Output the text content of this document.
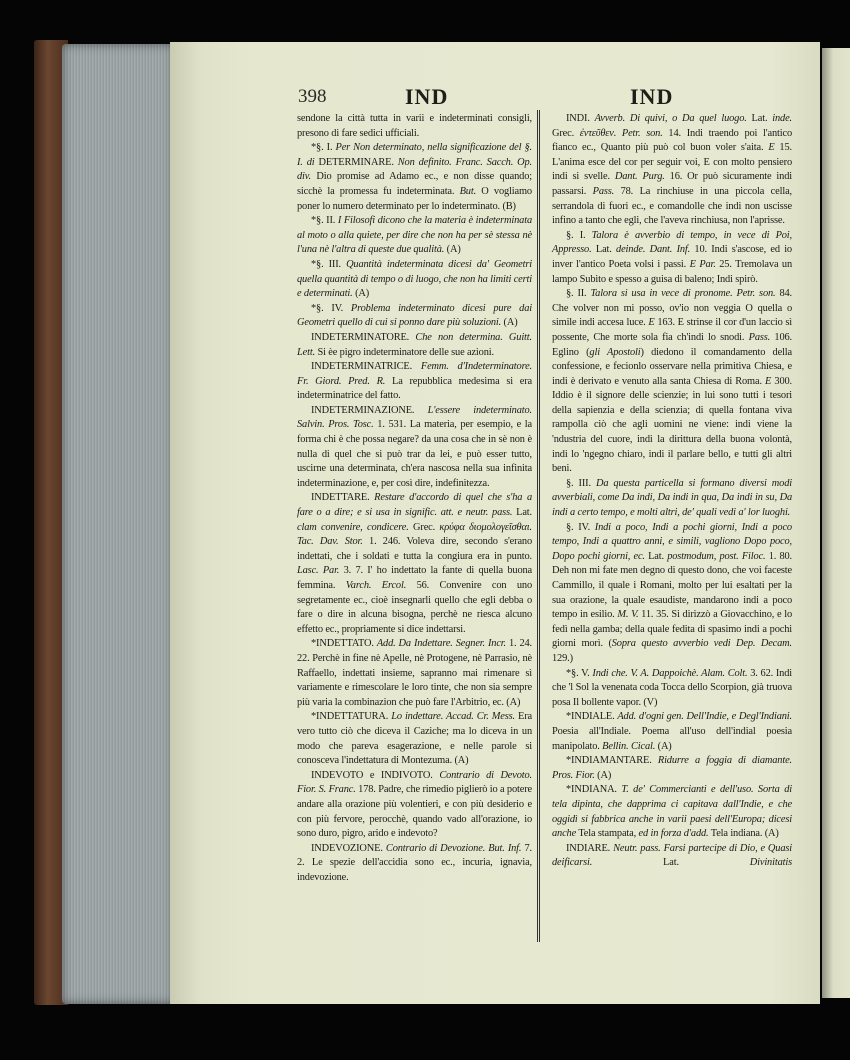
398	IND	IND

sendone la città tutta in varii e indeterminati consigli, presono di fare sedici ufficiali.

*§. I. Per Non determinato, nella significazione del §. I. di DETERMINARE. Non definito. Franc. Sacch. Op. div. Dio promise ad Adamo ec., e non disse quando; sicchè la promessa fu indeterminata. But. O vogliamo poner lo numero determinato per lo indeterminato. (B)

*§. II. I Filosofi dicono che la materia è indeterminata al moto o alla quiete, per dire che non ha per sè stessa nè l'una nè l'altra di queste due qualità. (A)

*§. III. Quantità indeterminata dicesi da' Geometri quella quantità di tempo o di luogo, che non ha limiti certi e determinati. (A)

*§. IV. Problema indeterminato dicesi pure dai Geometri quello di cui si ponno dare più soluzioni. (A)

INDETERMINATORE. Che non determina. Guitt. Lett. Si èe pigro indeterminatore delle sue azioni.

INDETERMINATRICE. Femm. d'Indeterminatore. Fr. Giord. Pred. R. La repubblica medesima si era indeterminatrice del fatto.

INDETERMINAZIONE. L'essere indeterminato. Salvin. Pros. Tosc. 1. 531. La materia, per esempio, e la forma chi è che possa negare? da una cosa che in sè non è nulla di quel che si può trar da lei, e può esser tutto, uscirne una determinata, ch'era nascosa nella sua infinita indeterminazione, e, per così dire, indefinitezza.

INDETTARE. Restare d'accordo di quel che s'ha a fare o a dire; e si usa in signific. att. e neutr. pass. Lat. clam convenire, condicere. Grec. κρύφα διομολογεῖσθαι. Tac. Dav. Stor. 1. 246. Voleva dire, secondo s'erano indettati, che i soldati e tutta la congiura era in punto. Lasc. Par. 3. 7. I' ho indettato la fante di quella buona femmina. Varch. Ercol. 56. Convenire con uno segretamente ec., cioè insegnarli quello che egli debba o fare o dire in alcuna bisogna, perchè ne riesca alcuno effetto ec., propriamente si dice indettarsi.

*INDETTATO. Add. Da Indettare. Segner. Incr. 1. 24. 22. Perchè in fine nè Apelle, nè Protogene, nè Parrasio, nè Raffaello, indettati insieme, sapranno mai rimenare sì variamente e rimescolare le loro tinte, che non sia sempre più varia la combinazion che può fare l'Arbitrio, ec. (A)

*INDETTATURA. Lo indettare. Accad. Cr. Mess. Era vero tutto ciò che diceva il Caziche; ma lo diceva in un modo che pareva esagerazione, e nelle parole si conosceva l'indettatura di Montezuma. (A)

INDEVOTO e INDIVOTO. Contrario di Devoto. Fior. S. Franc. 178. Padre, che rimedio piglierò io a potere andare alla orazione più volentieri, e con più desiderio e con più fervore, perocchè, quando vado all'orazione, io sono duro, pigro, arido e indevoto?

INDEVOZIONE. Contrario di Devozione. But. Inf. 7. 2. Le spezie dell'accidia sono ec., incuria, ignavia, indevozione.

INDI. Avverb. Di quivi, o Da quel luogo. Lat. inde. Grec. ἐντεῦθεν. Petr. son. 14. Indi traendo poi l'antico fianco ec., Quanto più può col buon voler s'aita. E 15. L'anima esce del cor per seguir voi, E con molto pensiero indi si svelle. Dant. Purg. 16. Or può sicuramente indi passarsi. Pass. 78. La rinchiuse in una piccola cella, serrandola di fuori ec., e comandolle che indi non uscisse infino a tanto che egli, che l'aveva rinchiusa, non l'aprisse.

§. I. Talora è avverbio di tempo, in vece di Poi, Appresso. Lat. deinde. Dant. Inf. 10. Indi s'ascose, ed io inver l'antico Poeta volsi i passi. E Par. 25. Tremolava un lampo Subito e spesso a guisa di baleno; Indi spirò.

§. II. Talora si usa in vece di pronome. Petr. son. 84. Che volver non mi posso, ov'io non veggia O quella o simile indi accesa luce. E 163. E strinse il cor d'un laccio sì possente, Che morte sola fia ch'indi lo snodi. Pass. 106. Eglino (gli Apostoli) diedono il comandamento della confessione, e fecionlo osservare nella primitiva Chiesa, e indi è derivato e venuto alla santa Chiesa di Roma. E 300. Iddio è il signore delle scienzie; in lui sono tutti i tesori della sapienzia e della scienzia; di quella fontana viva rampolla ciò che agli uomini ne viene: indi viene la 'ndustria del cuore, indi la dirittura della buona volontà, indi lo 'ngegno chiaro, indi il parlare bello, e tutti gli altri beni.

§. III. Da questa particella si formano diversi modi avverbiali, come Da indi, Da indi in qua, Da indi in su, Da indi a certo tempo, e molti altri, de' quali vedi a' lor luoghi.

§. IV. Indi a poco, Indi a pochi giorni, Indi a poco tempo, Indi a quattro anni, e simili, vagliono Dopo poco, Dopo pochi giorni, ec. Lat. postmodum, post. Filoc. 1. 80. Deh non mi fate men degno di questo dono, che voi faceste Cammillo, il quale i Romani, molto per lui esaltati per la sua orazione, la quale esaudiste, mandarono indi a poco tempo in esilio. M. V. 11. 35. Si dirizzò a Giovacchino, e lo fedì nella gamba; della quale fedita di spasimo indi a pochi giorni morì. (Sopra questo avverbio vedi Dep. Decam. 129.)

*§. V. Indi che. V. A. Dappoichè. Alam. Colt. 3. 62. Indi che 'l Sol la venenata coda Tocca dello Scorpion, già truova posa Il bollente vapor. (V)

*INDIALE. Add. d'ogni gen. Dell'Indie, e Degl'Indiani. Poesia all'Indiale. Poema all'uso dell'indial poesia manipolato. Bellin. Cical. (A)

*INDIAMANTARE. Ridurre a foggia di diamante. Pros. Fior. (A)

*INDIANA. T. de' Commercianti e dell'uso. Sorta di tela dipinta, che dapprima ci capitava dall'Indie, e che oggidì si fabbrica anche in varii paesi dell'Europa; dicesi anche Tela stampata, ed in forza d'add. Tela indiana. (A)

INDIARE. Neutr. pass. Farsi partecipe di Dio, e Quasi deificarsi. Lat. Divinitatis
